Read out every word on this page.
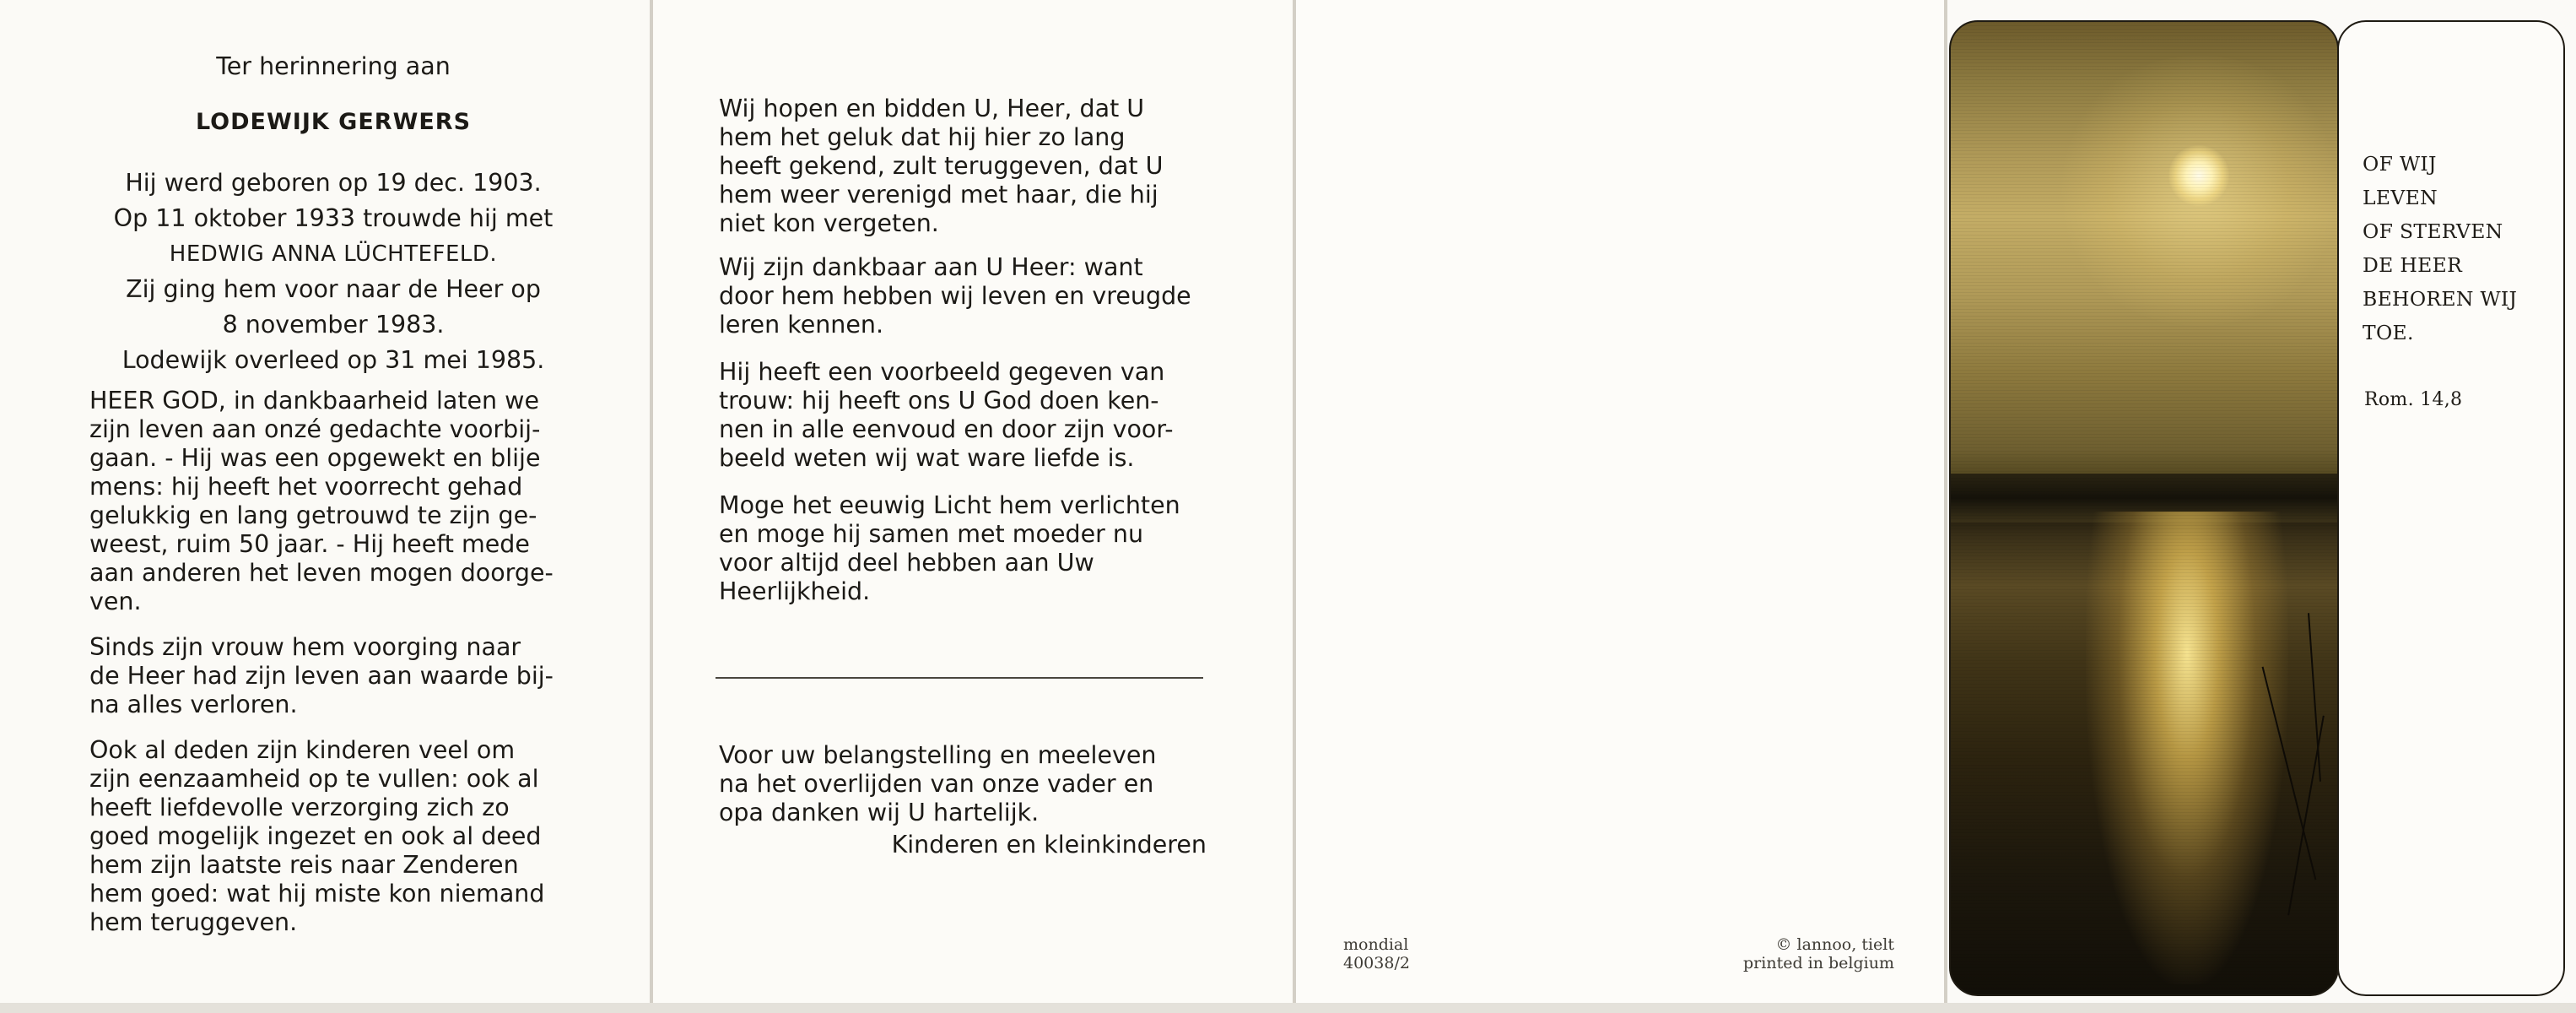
Ter herinnering aan
LODEWIJK GERWERS
Hij werd geboren op 19 dec. 1903.
Op 11 oktober 1933 trouwde hij met
HEDWIG ANNA LÜCHTEFELD.
Zij ging hem voor naar de Heer op
8 november 1983.
Lodewijk overleed op 31 mei 1985.
HEER GOD, in dankbaarheid laten we
zijn leven aan onzé gedachte voorbij-
gaan. - Hij was een opgewekt en blije
mens: hij heeft het voorrecht gehad
gelukkig en lang getrouwd te zijn ge-
weest, ruim 50 jaar. - Hij heeft mede
aan anderen het leven mogen doorge-
ven.
Sinds zijn vrouw hem voorging naar
de Heer had zijn leven aan waarde bij-
na alles verloren.
Ook al deden zijn kinderen veel om
zijn eenzaamheid op te vullen: ook al
heeft liefdevolle verzorging zich zo
goed mogelijk ingezet en ook al deed
hem zijn laatste reis naar Zenderen
hem goed: wat hij miste kon niemand
hem teruggeven.
Wij hopen en bidden U, Heer, dat U
hem het geluk dat hij hier zo lang
heeft gekend, zult teruggeven, dat U
hem weer verenigd met haar, die hij
niet kon vergeten.
Wij zijn dankbaar aan U Heer: want
door hem hebben wij leven en vreugde
leren kennen.
Hij heeft een voorbeeld gegeven van
trouw: hij heeft ons U God doen ken-
nen in alle eenvoud en door zijn voor-
beeld weten wij wat ware liefde is.
Moge het eeuwig Licht hem verlichten
en moge hij samen met moeder nu
voor altijd deel hebben aan Uw
Heerlijkheid.
Voor uw belangstelling en meeleven
na het overlijden van onze vader en
opa danken wij U hartelijk.
Kinderen en kleinkinderen
mondial
40038/2
© lannoo, tielt
printed in belgium
OF WIJ
LEVEN
OF STERVEN
DE HEER
BEHOREN WIJ
TOE.
Rom. 14,8
